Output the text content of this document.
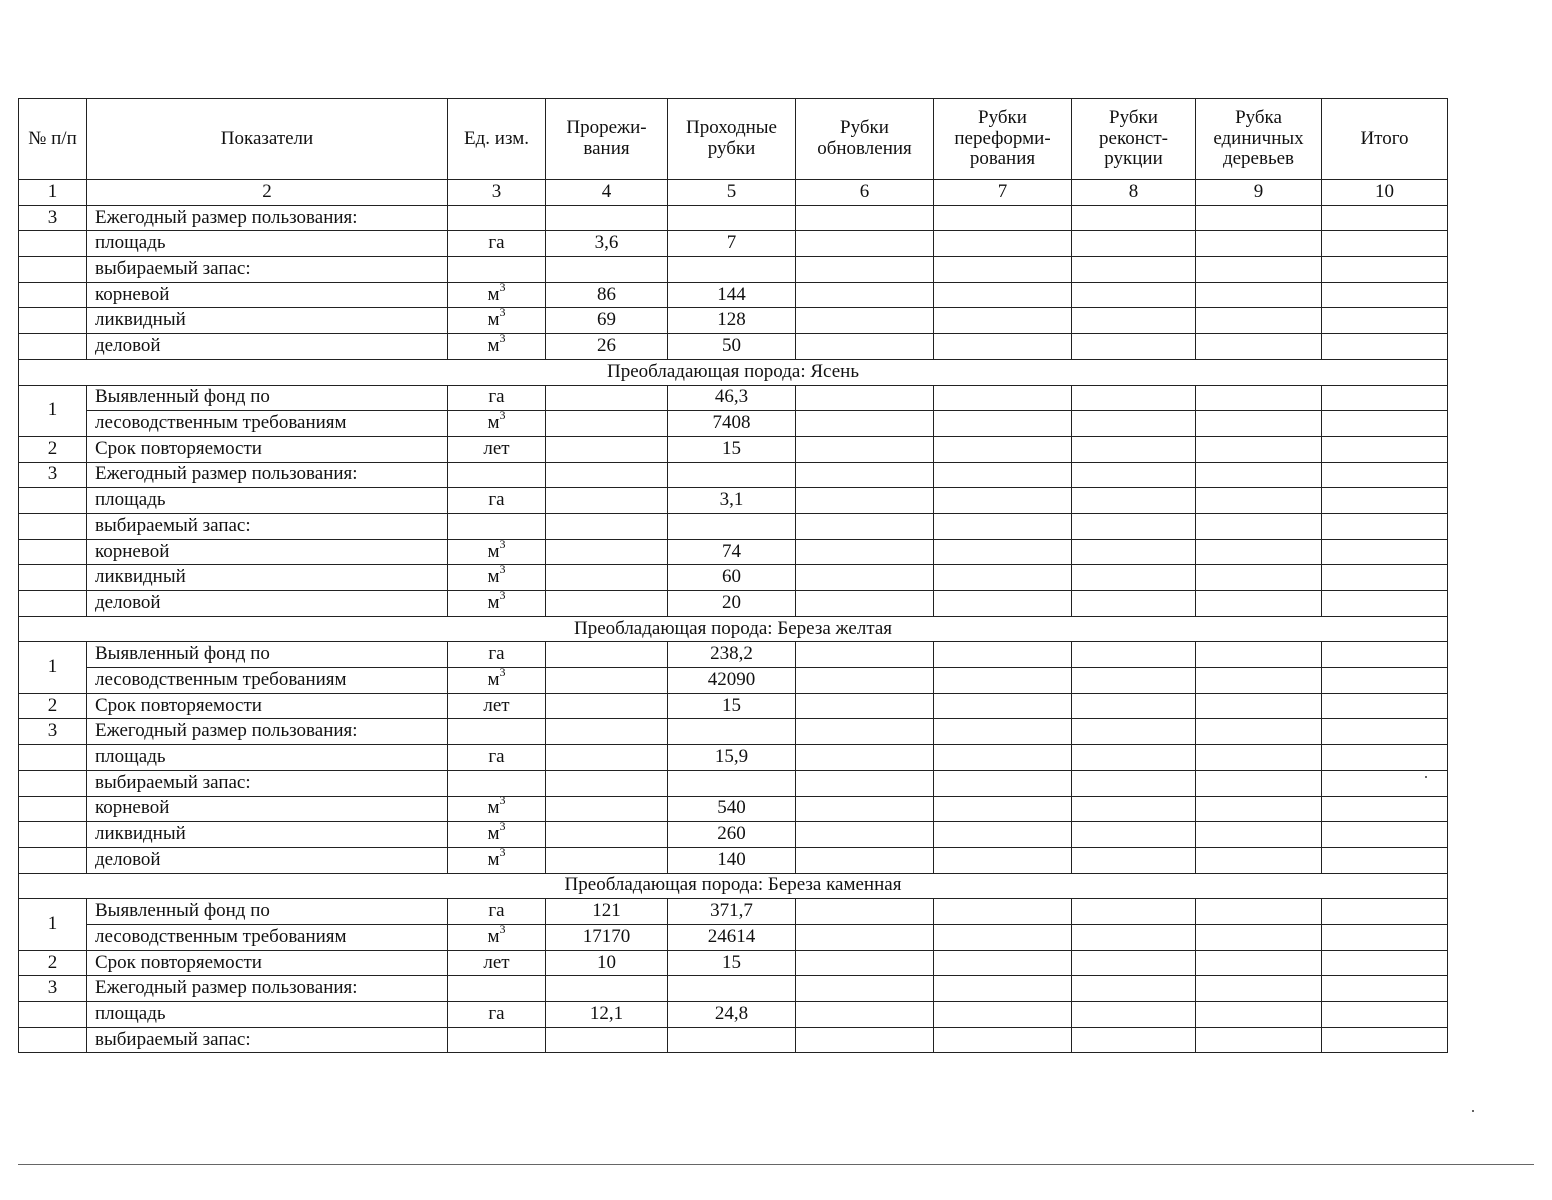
№ п/п	Показатели	Ед. изм.	Прорежи-вания	Проходные рубки	Рубки обновления	Рубки переформи-рования	Рубки реконст-рукции	Рубка единичных деревьев	Итого	
1	2	3	4	5	6	7	8	9	10	
3	Ежегодный размер пользования:									
	площадь	га	3,6	7						
	выбираемый запас:									
	корневой	$м^3$	86	144						
	ликвидный	$м^3$	69	128						
	деловой	$м^3$	26	50						
Преобладающая порода: Ясень										
1	Выявленный фонд по	га		46,3						
	лесоводственным требованиям	$м^3$		7408						
2	Срок повторяемости	лет		15						
3	Ежегодный размер пользования:									
	площадь	га		3,1						
	выбираемый запас:									
	корневой	$м^3$		74						
	ликвидный	$м^3$		60						
	деловой	$м^3$		20						
Преобладающая порода: Береза желтая										
1	Выявленный фонд по	га		238,2						
	лесоводственным требованиям	$м^3$		42090						
2	Срок повторяемости	лет		15						
3	Ежегодный размер пользования:									
	площадь	га		15,9						
	выбираемый запас:									
	корневой	$м^3$		540						
	ликвидный	$м^3$		260						
	деловой	$м^3$		140						
Преобладающая порода: Береза каменная										
1	Выявленный фонд по	га	121	371,7						
	лесоводственным требованиям	$м^3$	17170	24614						
2	Срок повторяемости	лет	10	15						
3	Ежегодный размер пользования:									
	площадь	га	12,1	24,8						
	выбираемый запас:									
